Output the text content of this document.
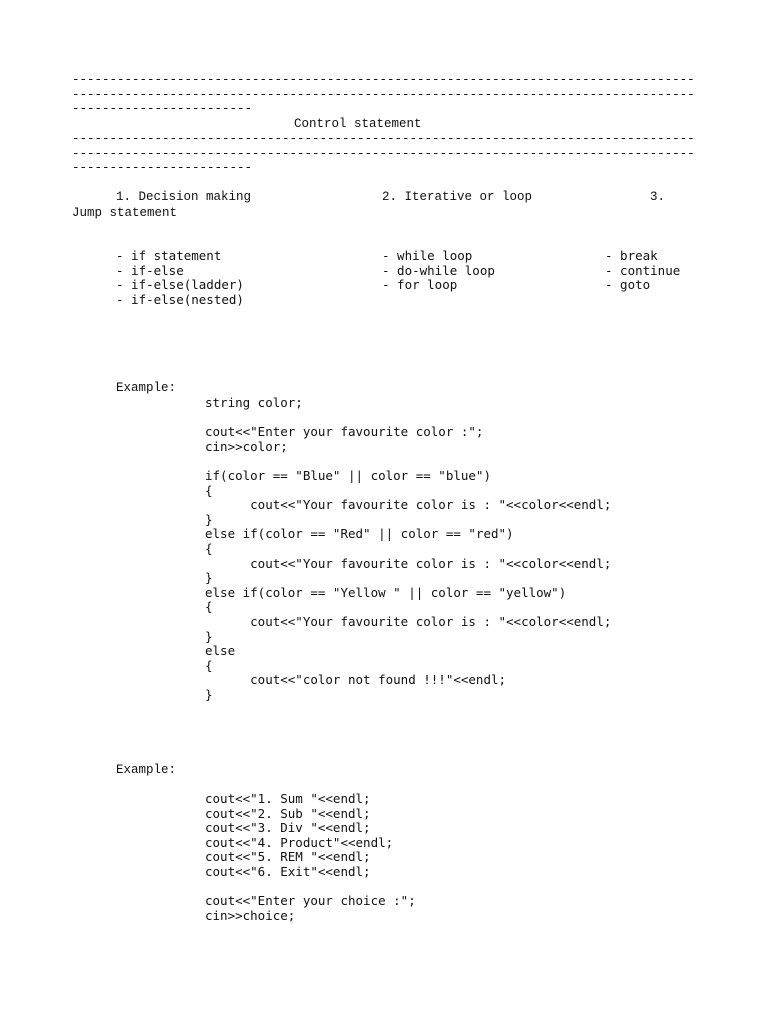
-----------------------------------------------------------------------------------
-----------------------------------------------------------------------------------
------------------------
Control statement
-----------------------------------------------------------------------------------
-----------------------------------------------------------------------------------
------------------------
1. Decision making	2. Iterative or loop	3.
Jump statement
- if statement
- if-else
- if-else(ladder)
- if-else(nested)
- while loop
- do-while loop
- for loop
- break
- continue
- goto
Example:
string color;

cout<<"Enter your favourite color :";
cin>>color;

if(color == "Blue" || color == "blue")
{
cout<<"Your favourite color is : "<<color<<endl;
}
else if(color == "Red" || color == "red")
{
cout<<"Your favourite color is : "<<color<<endl;
}
else if(color == "Yellow " || color == "yellow")
{
cout<<"Your favourite color is : "<<color<<endl;
}
else
{
cout<<"color not found !!!"<<endl;
}
Example:
cout<<"1. Sum "<<endl;
cout<<"2. Sub "<<endl;
cout<<"3. Div "<<endl;
cout<<"4. Product"<<endl;
cout<<"5. REM "<<endl;
cout<<"6. Exit"<<endl;

cout<<"Enter your choice :";
cin>>choice;
